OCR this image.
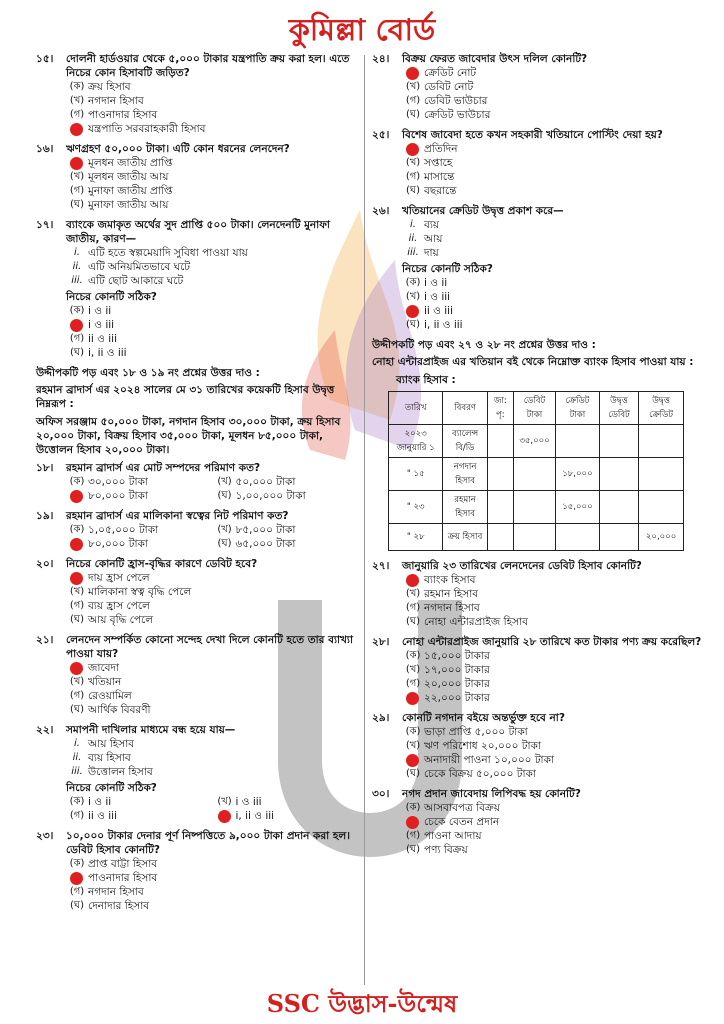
কুমিল্লা বোর্ড
১৫।	দোলনী হার্ডওয়ার থেকে ৫,০০০ টাকার যন্ত্রপাতি ক্রয় করা হল। এতে নিচের কোন হিসাবটি জড়িত?
(ক) ক্রয় হিসাব
(খ) নগদান হিসাব
(গ) পাওনাদার হিসাব
যন্ত্রপাতি সরবরাহকারী হিসাব
১৬।	ঋণগ্রহণ ৫০,০০০ টাকা। এটি কোন ধরনের লেনদেন?
মূলধন জাতীয় প্রাপ্তি
(খ) মূলধন জাতীয় আয়
(গ) মুনাফা জাতীয় প্রাপ্তি
(ঘ) মুনাফা জাতীয় আয়
১৭।	ব্যাংকে জমাকৃত অর্থের সুদ প্রাপ্তি ৫০০ টাকা। লেনদেনটি মুনাফা জাতীয়, কারণ—
i. এটি হতে স্বল্পমেয়াদি সুবিধা পাওয়া যায়
ii. এটি অনিয়মিতভাবে ঘটে
iii. এটি ছোট আকারে ঘটে
নিচের কোনটি সঠিক?
(ক) i ও ii
i ও iii
(গ) ii ও iii
(ঘ) i, ii ও iii
উদ্দীপকটি পড় এবং ১৮ ও ১৯ নং প্রশ্নের উত্তর দাও :
রহমান ব্রাদার্স এর ২০২৪ সালের মে ৩১ তারিখের কয়েকটি হিসাব উদ্বৃত্ত নিম্নরূপ :
অফিস সরঞ্জাম ৫০,০০০ টাকা, নগদান হিসাব ৩০,০০০ টাকা, ক্রয় হিসাব ২০,০০০ টাকা, বিক্রয় হিসাব ৩৫,০০০ টাকা, মূলধন ৮৫,০০০ টাকা, উত্তোলন হিসাব ২০,০০০ টাকা।
১৮।	রহমান ব্রাদার্স এর মোট সম্পদের পরিমাণ কত?
(ক) ৩০,০০০ টাকা	(খ) ৫০,০০০ টাকা
৮০,০০০ টাকা	(ঘ) ১,০০,০০০ টাকা
১৯।	রহমান ব্রাদার্স এর মালিকানা স্বত্বের নিট পরিমাণ কত?
(ক) ১,০৫,০০০ টাকা	(খ) ৮৫,০০০ টাকা
৮০,০০০ টাকা	(ঘ) ৬৫,০০০ টাকা
২০।	নিচের কোনটি হ্রাস-বৃদ্ধির কারণে ডেবিট হবে?
দায় হ্রাস পেলে
(খ) মালিকানা স্বত্ব বৃদ্ধি পেলে
(গ) ব্যয় হ্রাস পেলে
(ঘ) আয় বৃদ্ধি পেলে
২১।	লেনদেন সম্পর্কিত কোনো সন্দেহ দেখা দিলে কোনটি হতে তার ব্যাখ্যা পাওয়া যায়?
জাবেদা
(খ) খতিয়ান
(গ) রেওয়ামিল
(ঘ) আর্থিক বিবরণী
২২।	সমাপনী দাখিলার মাধ্যমে বন্ধ হয়ে যায়—
i. আয় হিসাব
ii. ব্যয় হিসাব
iii. উত্তোলন হিসাব
নিচের কোনটি সঠিক?
(ক) i ও ii	(খ) i ও iii
(গ) ii ও iii	i, ii ও iii
২৩।	১০,০০০ টাকার দেনার পূর্ণ নিষ্পত্তিতে ৯,০০০ টাকা প্রদান করা হল। ডেবিট হিসাব কোনটি?
(ক) প্রাপ্ত বাট্টা হিসাব
পাওনাদার হিসাব
(গ) নগদান হিসাব
(ঘ) দেনাদার হিসাব
২৪।	বিক্রয় ফেরত জাবেদার উৎস দলিল কোনটি?
ক্রেডিট নোট
(খ) ডেবিট নোট
(গ) ডেবিট ভাউচার
(ঘ) ক্রেডিট ভাউচার
২৫।	বিশেষ জাবেদা হতে কখন সহকারী খতিয়ানে পোস্টিং দেয়া হয়?
প্রতিদিন
(খ) সপ্তাহে
(গ) মাসান্তে
(ঘ) বছরান্তে
২৬।	খতিয়ানের ক্রেডিট উদ্বৃত্ত প্রকাশ করে—
i. ব্যয়
ii. আয়
iii. দায়
নিচের কোনটি সঠিক?
(ক) i ও ii
(খ) i ও iii
ii ও iii
(ঘ) i, ii ও iii
উদ্দীপকটি পড় এবং ২৭ ও ২৮ নং প্রশ্নের উত্তর দাও :
নোহা এন্টারপ্রাইজ এর খতিয়ান বই থেকে নিম্নোক্ত ব্যাংক হিসাব পাওয়া যায় :
ব্যাংক হিসাব :
তারিখ	বিবরণ	জা: পৃ:	ডেবিট টাকা	ক্রেডিট টাকা	উদ্বৃত্ত ডেবিট	উদ্বৃত্ত ক্রেডিট
২০২৩ জানুয়ারি ১	ব্যালেন্স বি/ডি		৩৫,০০০			
" ১৫	নগদান হিসাব			১৮,০০০		
" ২৩	রহমান হিসাব			১৫,০০০		
" ২৮	ক্রয় হিসাব					২০,০০০
২৭।	জানুয়ারি ২৩ তারিখের লেনদেনের ডেবিট হিসাব কোনটি?
ব্যাংক হিসাব
(খ) রহমান হিসাব
(গ) নগদান হিসাব
(ঘ) নোহা এন্টারপ্রাইজ হিসাব
২৮।	নোহা এন্টারপ্রাইজ জানুয়ারি ২৮ তারিখে কত টাকার পণ্য ক্রয় করেছিল?
(ক) ১৫,০০০ টাকার
(খ) ১৭,০০০ টাকার
(গ) ২০,০০০ টাকার
২২,০০০ টাকার
২৯।	কোনটি নগদান বইয়ে অন্তর্ভুক্ত হবে না?
(ক) ভাড়া প্রাপ্তি ৫,০০০ টাকা
(খ) ঋণ পরিশোধ ২০,০০০ টাকা
অনাদায়ী পাওনা ১০,০০০ টাকা
(ঘ) চেকে বিক্রয় ৫০,০০০ টাকা
৩০।	নগদ প্রদান জাবেদায় লিপিবদ্ধ হয় কোনটি?
(ক) আসবাবপত্র বিক্রয়
চেকে বেতন প্রদান
(গ) পাওনা আদায়
(ঘ) পণ্য বিক্রয়
SSC উদ্ভাস-উন্মেষ
